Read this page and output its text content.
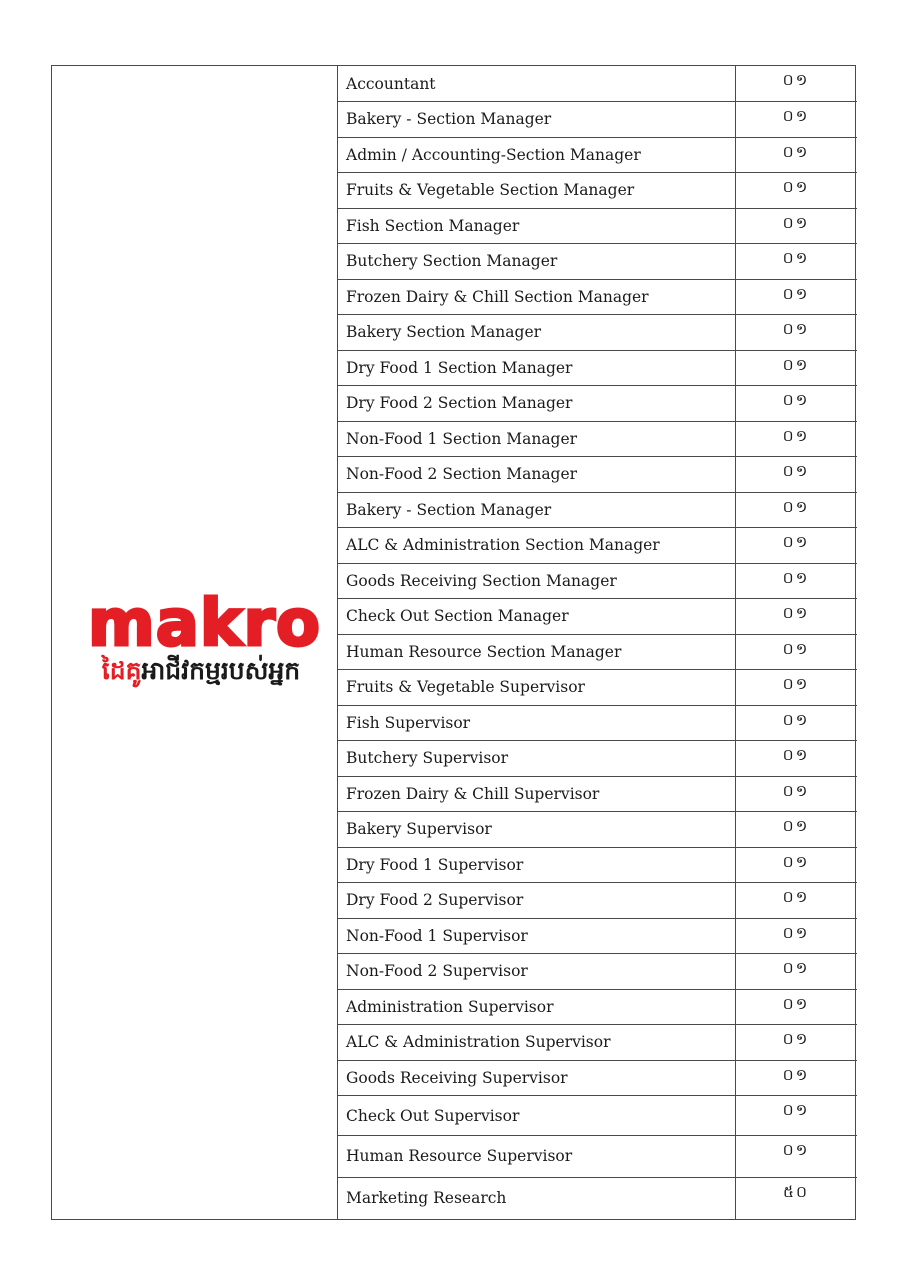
makro
ដៃគូអាជីវកម្មរបស់អ្នក
Accountant	០១
Bakery - Section Manager	០១
Admin / Accounting-Section Manager	០១
Fruits & Vegetable Section Manager	០១
Fish Section Manager	០១
Butchery Section Manager	០១
Frozen Dairy & Chill Section Manager	០១
Bakery Section Manager	០១
Dry Food 1 Section Manager	០១
Dry Food 2 Section Manager	០១
Non-Food 1 Section Manager	០១
Non-Food 2 Section Manager	០១
Bakery - Section Manager	០១
ALC & Administration Section Manager	០១
Goods Receiving Section Manager	០១
Check Out Section Manager	០១
Human Resource Section Manager	០១
Fruits & Vegetable Supervisor	០១
Fish Supervisor	០១
Butchery Supervisor	០១
Frozen Dairy & Chill Supervisor	០១
Bakery Supervisor	០១
Dry Food 1 Supervisor	០១
Dry Food 2 Supervisor	០១
Non-Food 1 Supervisor	០១
Non-Food 2 Supervisor	០១
Administration Supervisor	០១
ALC & Administration Supervisor	០១
Goods Receiving Supervisor	០១
Check Out Supervisor	០១
Human Resource Supervisor	០១
Marketing Research	៥០
